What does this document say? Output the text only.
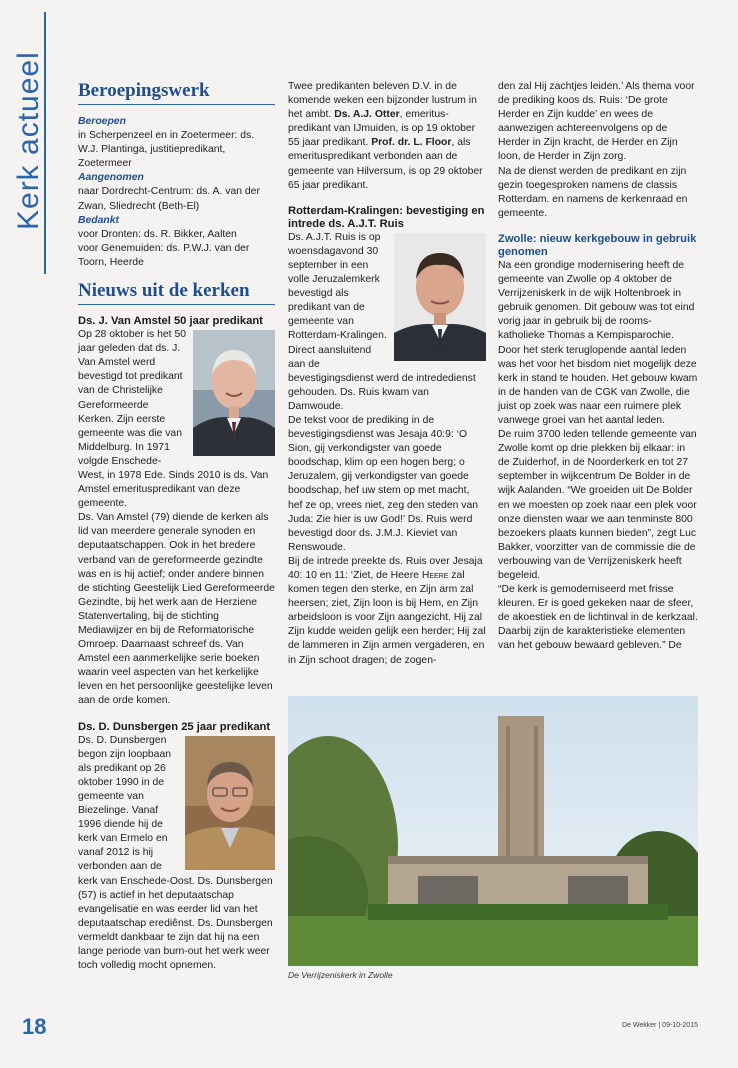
Kerk actueel Beroepingswerk

Beroepen

in Scherpenzeel en in Zoetermeer: ds. W.J. Plantinga, justitiepredikant, Zoetermeer

Aangenomen

naar Dordrecht-Centrum: ds. A. van der Zwan, Sliedrecht (Beth-El)

Bedankt

voor Dronten: ds. R. Bikker, Aalten

voor Genemuiden: ds. P.W.J. van der Toorn, Heerde

Nieuws uit de kerken

Ds. J. Van Amstel 50 jaar predikant

Op 28 oktober is het 50 jaar geleden dat ds. J. Van Amstel werd bevestigd tot predikant van de Christelijke Gereformeerde Kerken. Zijn eerste gemeente was die van Middelburg. In 1971 volgde Enschede-West, in 1978 Ede. Sinds 2010 is ds. Van Amstel emerituspredikant van deze gemeente.

Ds. Van Amstel (79) diende de kerken als lid van meerdere generale synoden en deputaatschappen. Ook in het bredere verband van de gereformeerde gezindte was en is hij actief; onder andere binnen de stichting Geestelijk Lied Gereformeerde Gezindte, bij het werk aan de Herziene Statenvertaling, bij de stichting Mediawijzer en bij de Reformatorische Omroep. Daarnaast schreef ds. Van Amstel een aanmerkelijke serie boeken waarin veel aspecten van het kerkelijke leven en het persoonlijke geestelijke leven aan de orde komen.

Ds. D. Dunsbergen 25 jaar predikant

Ds. D. Dunsbergen begon zijn loopbaan als predikant op 26 oktober 1990 in de gemeente van Biezelinge. Vanaf 1996 diende hij de kerk van Ermelo en vanaf 2012 is hij verbonden aan de kerk van Enschede-Oost. Ds. Dunsbergen (57) is actief in het deputaatschap evangelisatie en was eerder lid van het deputaatschap erediênst. Ds. Dunsbergen vermeldt dankbaar te zijn dat hij na een lange periode van burn-out het werk weer toch volledig mocht opnemen.

Twee predikanten beleven D.V. in de komende weken een bijzonder lustrum in het ambt. Ds. A.J. Otter, emerituspredikant van IJmuiden, is op 19 oktober 55 jaar predikant. Prof. dr. L. Floor, als emerituspredikant verbonden aan de gemeente van Hilversum, is op 29 oktober 65 jaar predikant.

Rotterdam-Kralingen: bevestiging en intrede ds. A.J.T. Ruis

Ds. A.J.T. Ruis is op woensdagavond 30 september in een volle Jeruzalemkerk bevestigd als predikant van de gemeente van Rotterdam-Kralingen.

Direct aansluitend aan de bevestigingsdienst werd de intrededienst gehouden. Ds. Ruis kwam van Damwoude.

De tekst voor de prediking in de bevestigingsdienst was Jesaja 40:9: ‘O Sion, gij verkondigster van goede boodschap, klim op een hogen berg; o Jeruzalem, gij verkondigster van goede boodschap, hef uw stem op met macht, hef ze op, vrees niet, zeg den steden van Juda: Zie hier is uw God!’ Ds. Ruis werd bevestigd door ds. J.M.J. Kieviet van Renswoude.

Bij de intrede preekte ds. Ruis over Jesaja 40: 10 en 11: ‘Ziet, de Heere Heere zal komen tegen den sterke, en Zijn arm zal heersen; ziet, Zijn loon is bij Hem, en Zijn arbeidsloon is voor Zijn aangezicht. Hij zal Zijn kudde weiden gelijk een herder; Hij zal de lammeren in Zijn armen vergaderen, en in Zijn schoot dragen; de zogen-

den zal Hij zachtjes leiden.’ Als thema voor de prediking koos ds. Ruis: ‘De grote Herder en Zijn kudde’ en wees de aanwezigen achtereenvolgens op de Herder in Zijn kracht, de Herder en Zijn loon, de Herder in Zijn zorg.

Na de dienst werden de predikant en zijn gezin toegesproken namens de classis Rotterdam. en namens de kerkenraad en gemeente.

Zwolle: nieuw kerkgebouw in gebruik genomen

Na een grondige modernisering heeft de gemeente van Zwolle op 4 oktober de Verrijzeniskerk in de wijk Holtenbroek in gebruik genomen. Dit gebouw was tot eind vorig jaar in gebruik bij de rooms-katholieke Thomas a Kempisparochie. Door het sterk teruglopende aantal leden was het voor het bisdom niet mogelijk deze kerk in stand te houden. Het gebouw kwam in de handen van de CGK van Zwolle, die juist op zoek was naar een ruimere plek vanwege groei van het aantal leden.

De ruim 3700 leden tellende gemeente van Zwolle komt op drie plekken bij elkaar: in de Zuiderhof, in de Noorderkerk en tot 27 september in wijkcentrum De Bolder in de wijk Aalanden. “We groeiden uit De Bolder en we moesten op zoek naar een plek voor onze diensten waar we aan tenminste 800 bezoekers plaats kunnen bieden”, zegt Luc Bakker, voorzitter van de commissie die de verbouwing van de Verrijzeniskerk heeft begeleid.

“De kerk is gemoderniseerd met frisse kleuren. Er is goed gekeken naar de sfeer, de akoestiek en de lichtinval in de kerkzaal. Daarbij zijn de karakteristieke elementen van het gebouw bewaard gebleven.” De

De Verrijzeniskerk in Zwolle
18	De Wekker | 09-10-2015
